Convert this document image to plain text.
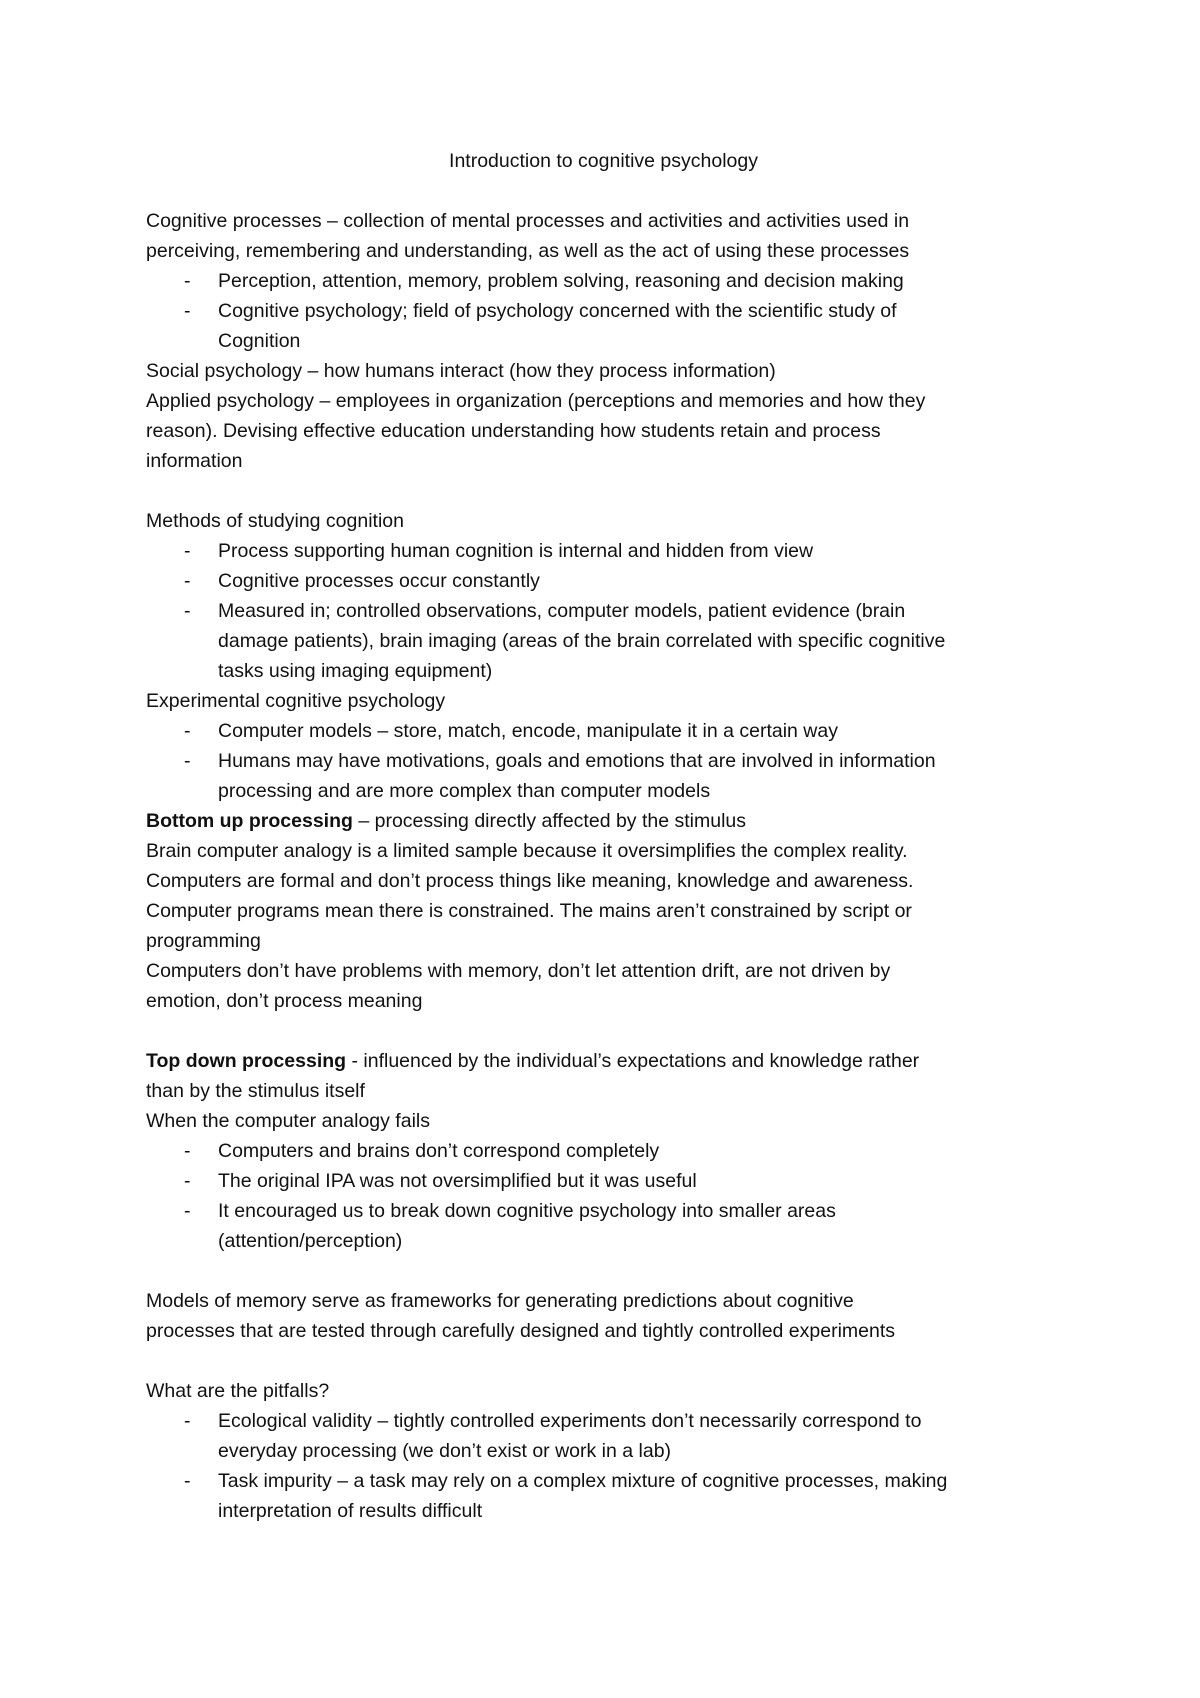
Introduction to cognitive psychology
Cognitive processes – collection of mental processes and activities and activities used in
perceiving, remembering and understanding, as well as the act of using these processes
- Perception, attention, memory, problem solving, reasoning and decision making
- Cognitive psychology; field of psychology concerned with the scientific study of
Cognition
Social psychology – how humans interact (how they process information)
Applied psychology – employees in organization (perceptions and memories and how they
reason). Devising effective education understanding how students retain and process
information
Methods of studying cognition
- Process supporting human cognition is internal and hidden from view
- Cognitive processes occur constantly
- Measured in; controlled observations, computer models, patient evidence (brain
damage patients), brain imaging (areas of the brain correlated with specific cognitive
tasks using imaging equipment)
Experimental cognitive psychology
- Computer models – store, match, encode, manipulate it in a certain way
- Humans may have motivations, goals and emotions that are involved in information
processing and are more complex than computer models
Bottom up processing – processing directly affected by the stimulus
Brain computer analogy is a limited sample because it oversimplifies the complex reality.
Computers are formal and don’t process things like meaning, knowledge and awareness.
Computer programs mean there is constrained. The mains aren’t constrained by script or
programming
Computers don’t have problems with memory, don’t let attention drift, are not driven by
emotion, don’t process meaning
Top down processing - influenced by the individual’s expectations and knowledge rather
than by the stimulus itself
When the computer analogy fails
- Computers and brains don’t correspond completely
- The original IPA was not oversimplified but it was useful
- It encouraged us to break down cognitive psychology into smaller areas
(attention/perception)
Models of memory serve as frameworks for generating predictions about cognitive
processes that are tested through carefully designed and tightly controlled experiments
What are the pitfalls?
- Ecological validity – tightly controlled experiments don’t necessarily correspond to
everyday processing (we don’t exist or work in a lab)
- Task impurity – a task may rely on a complex mixture of cognitive processes, making
interpretation of results difficult
